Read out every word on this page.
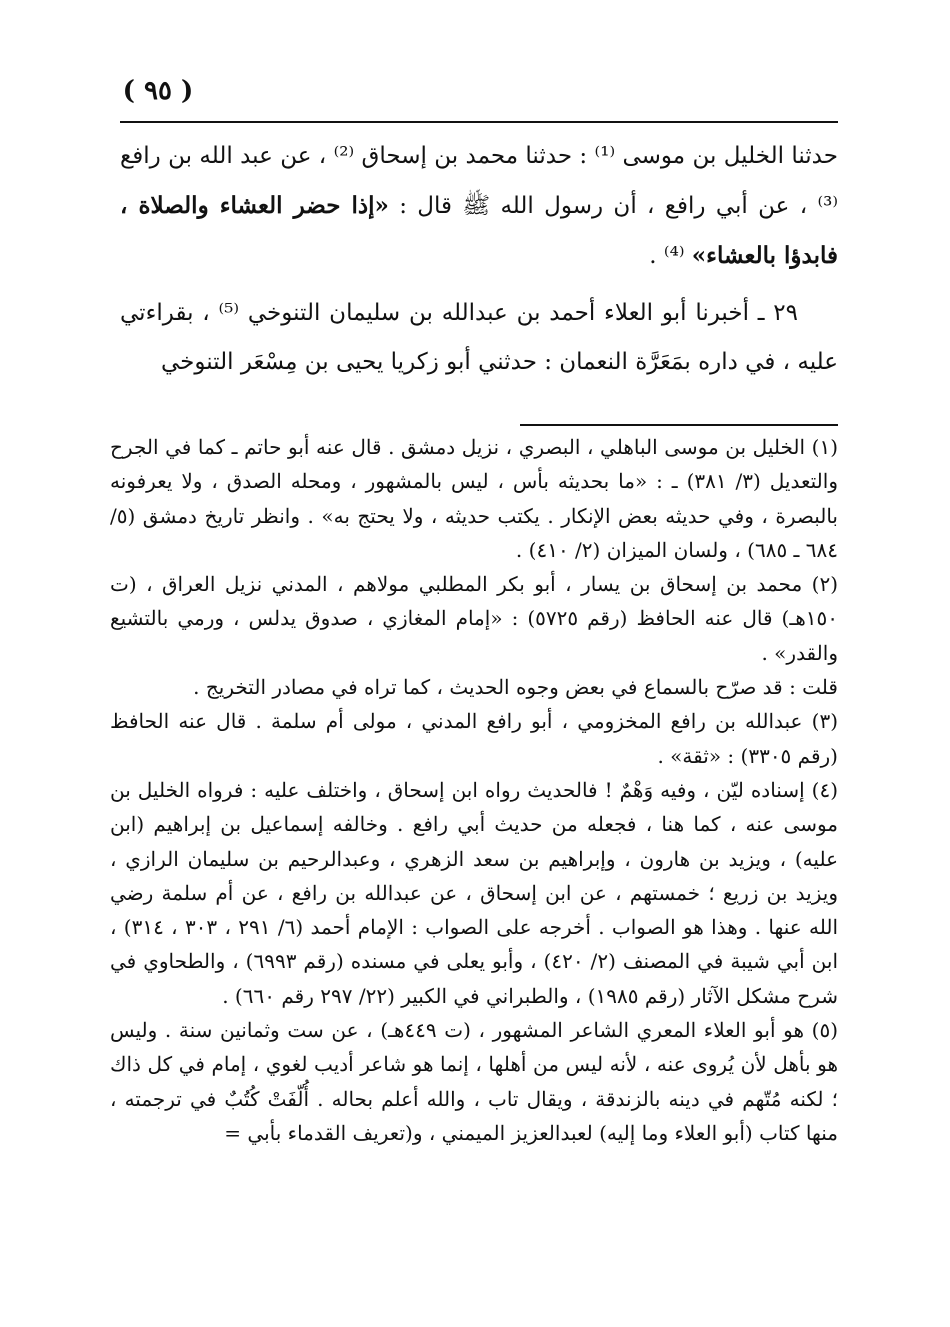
( ٩٥ )

حدثنا الخليل بن موسى ⁽¹⁾ : حدثنا محمد بن إسحاق ⁽²⁾ ، عن عبد الله بن رافع ⁽³⁾ ، عن أبي رافع ، أن رسول الله ﷺ قال : «إذا حضر العشاء والصلاة ، فابدؤا بالعشاء» ⁽⁴⁾ .

٢٩ ـ أخبرنا أبو العلاء أحمد بن عبدالله بن سليمان التنوخي ⁽⁵⁾ ، بقراءتي عليه ، في داره بمَعَرَّة النعمان : حدثني أبو زكريا يحيى بن مِسْعَر التنوخي

(١) الخليل بن موسى الباهلي ، البصري ، نزيل دمشق . قال عنه أبو حاتم ـ كما في الجرح والتعديل (٣/ ٣٨١) ـ : «ما بحديثه بأس ، ليس بالمشهور ، ومحله الصدق ، ولا يعرفونه بالبصرة ، وفي حديثه بعض الإنكار . يكتب حديثه ، ولا يحتج به» . وانظر تاريخ دمشق (٥/ ٦٨٤ ـ ٦٨٥) ، ولسان الميزان (٢/ ٤١٠) .

(٢) محمد بن إسحاق بن يسار ، أبو بكر المطلبي مولاهم ، المدني نزيل العراق ، (ت ١٥٠هـ) قال عنه الحافظ (رقم ٥٧٢٥) : «إمام المغازي ، صدوق يدلس ، ورمي بالتشيع والقدر» .

قلت : قد صرّح بالسماع في بعض وجوه الحديث ، كما تراه في مصادر التخريج .

(٣) عبدالله بن رافع المخزومي ، أبو رافع المدني ، مولى أم سلمة . قال عنه الحافظ (رقم ٣٣٠٥) : «ثقة» .

(٤) إسناده ليّن ، وفيه وَهْمٌ ! فالحديث رواه ابن إسحاق ، واختلف عليه : فرواه الخليل بن موسى عنه ، كما هنا ، فجعله من حديث أبي رافع . وخالفه إسماعيل بن إبراهيم (ابن عليه) ، ويزيد بن هارون ، وإبراهيم بن سعد الزهري ، وعبدالرحيم بن سليمان الرازي ، ويزيد بن زريع ؛ خمستهم ، عن ابن إسحاق ، عن عبدالله بن رافع ، عن أم سلمة رضي الله عنها . وهذا هو الصواب . أخرجه على الصواب : الإمام أحمد (٦/ ٢٩١ ، ٣٠٣ ، ٣١٤) ، ابن أبي شيبة في المصنف (٢/ ٤٢٠) ، وأبو يعلى في مسنده (رقم ٦٩٩٣) ، والطحاوي في شرح مشكل الآثار (رقم ١٩٨٥) ، والطبراني في الكبير (٢٢/ ٢٩٧ رقم ٦٦٠) .

(٥) هو أبو العلاء المعري الشاعر المشهور ، (ت ٤٤٩هـ) ، عن ست وثمانين سنة . وليس هو بأهل لأن يُروى عنه ، لأنه ليس من أهلها ، إنما هو شاعر أديب لغوي ، إمام في كل ذاك ؛ لكنه مُتّهم في دينه بالزندقة ، ويقال تاب ، والله أعلم بحاله . أُلّفَتْ كُتُبٌ في ترجمته ، منها كتاب (أبو العلاء وما إليه) لعبدالعزيز الميمني ، و(تعريف القدماء بأبي =
